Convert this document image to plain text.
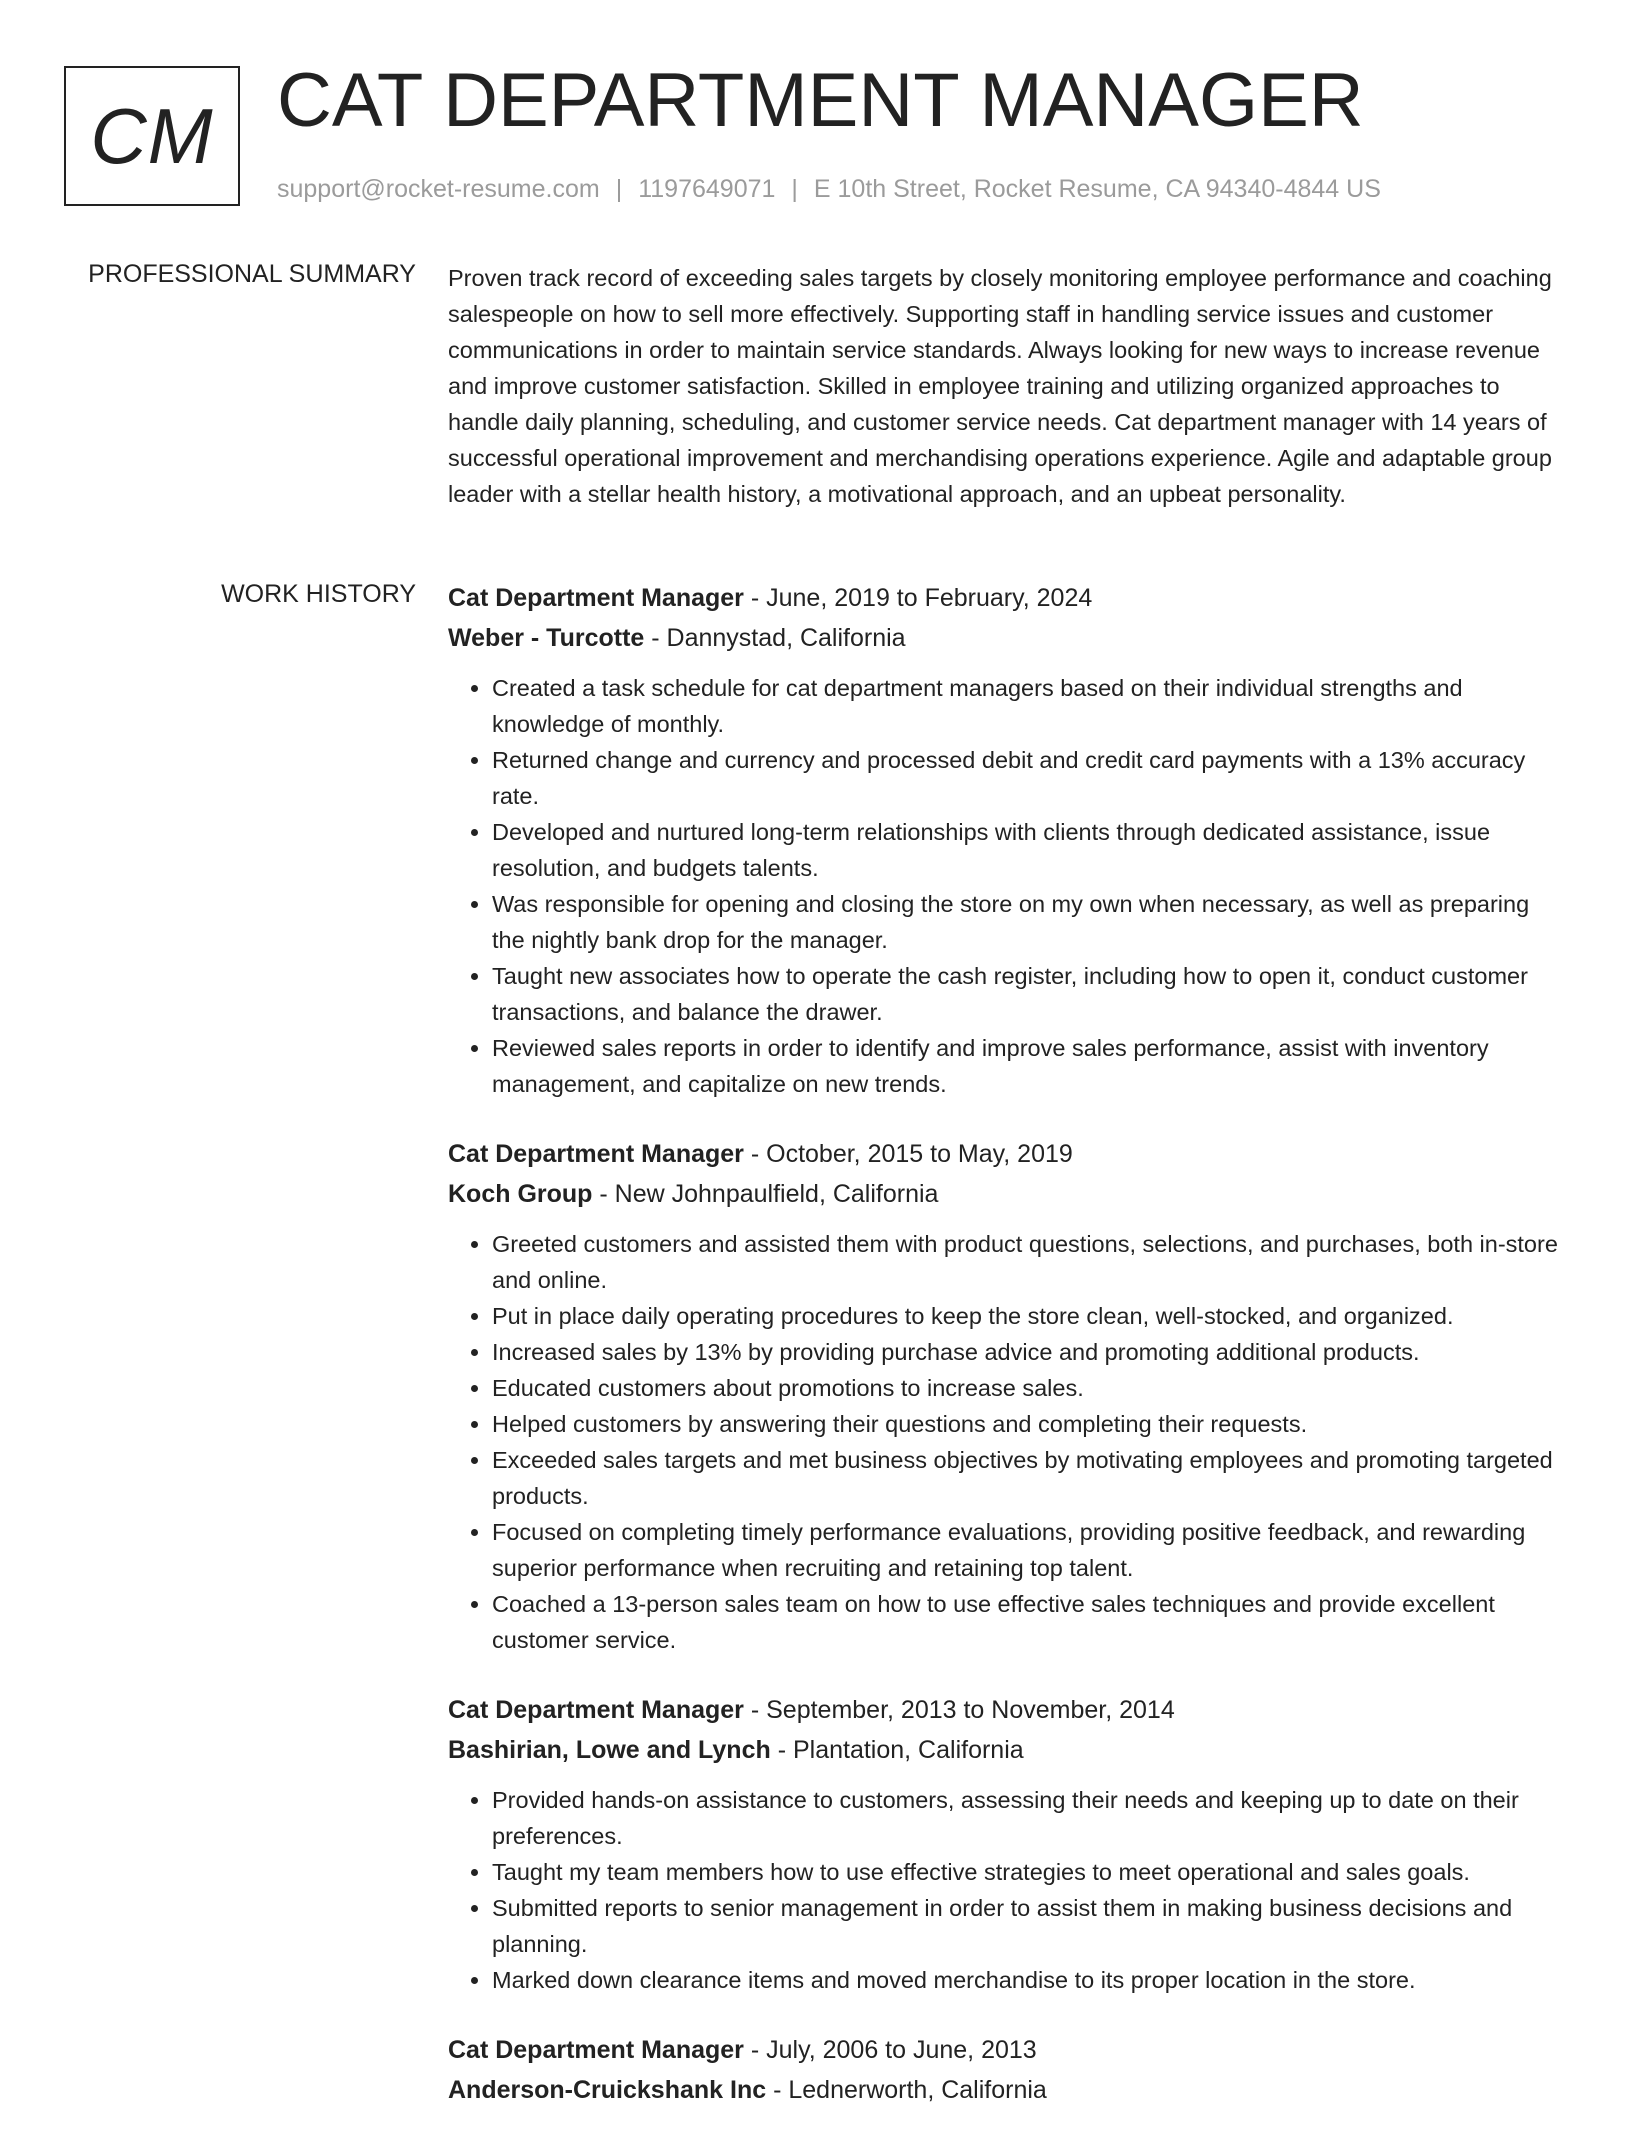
CM CAT DEPARTMENT MANAGER
support@rocket-resume.com | 1197649071 | E 10th Street, Rocket Resume, CA 94340-4844 US
PROFESSIONAL SUMMARY Proven track record of exceeding sales targets by closely monitoring employee performance and coaching salespeople on how to sell more effectively. Supporting staff in handling service issues and customer communications in order to maintain service standards. Always looking for new ways to increase revenue and improve customer satisfaction. Skilled in employee training and utilizing organized approaches to handle daily planning, scheduling, and customer service needs. Cat department manager with 14 years of successful operational improvement and merchandising operations experience. Agile and adaptable group leader with a stellar health history, a motivational approach, and an upbeat personality.
WORK HISTORY Cat Department Manager - June, 2019 to February, 2024
Weber - Turcotte - Dannystad, California
• Created a task schedule for cat department managers based on their individual strengths and knowledge of monthly.
• Returned change and currency and processed debit and credit card payments with a 13% accuracy rate.
• Developed and nurtured long-term relationships with clients through dedicated assistance, issue resolution, and budgets talents.
• Was responsible for opening and closing the store on my own when necessary, as well as preparing the nightly bank drop for the manager.
• Taught new associates how to operate the cash register, including how to open it, conduct customer transactions, and balance the drawer.
• Reviewed sales reports in order to identify and improve sales performance, assist with inventory management, and capitalize on new trends.
Cat Department Manager - October, 2015 to May, 2019
Koch Group - New Johnpaulfield, California
• Greeted customers and assisted them with product questions, selections, and purchases, both in-store and online.
• Put in place daily operating procedures to keep the store clean, well-stocked, and organized.
• Increased sales by 13% by providing purchase advice and promoting additional products.
• Educated customers about promotions to increase sales.
• Helped customers by answering their questions and completing their requests.
• Exceeded sales targets and met business objectives by motivating employees and promoting targeted products.
• Focused on completing timely performance evaluations, providing positive feedback, and rewarding superior performance when recruiting and retaining top talent.
• Coached a 13-person sales team on how to use effective sales techniques and provide excellent customer service.
Cat Department Manager - September, 2013 to November, 2014
Bashirian, Lowe and Lynch - Plantation, California
• Provided hands-on assistance to customers, assessing their needs and keeping up to date on their preferences.
• Taught my team members how to use effective strategies to meet operational and sales goals.
• Submitted reports to senior management in order to assist them in making business decisions and planning.
• Marked down clearance items and moved merchandise to its proper location in the store.
Cat Department Manager - July, 2006 to June, 2013
Anderson-Cruickshank Inc - Lednerworth, California
